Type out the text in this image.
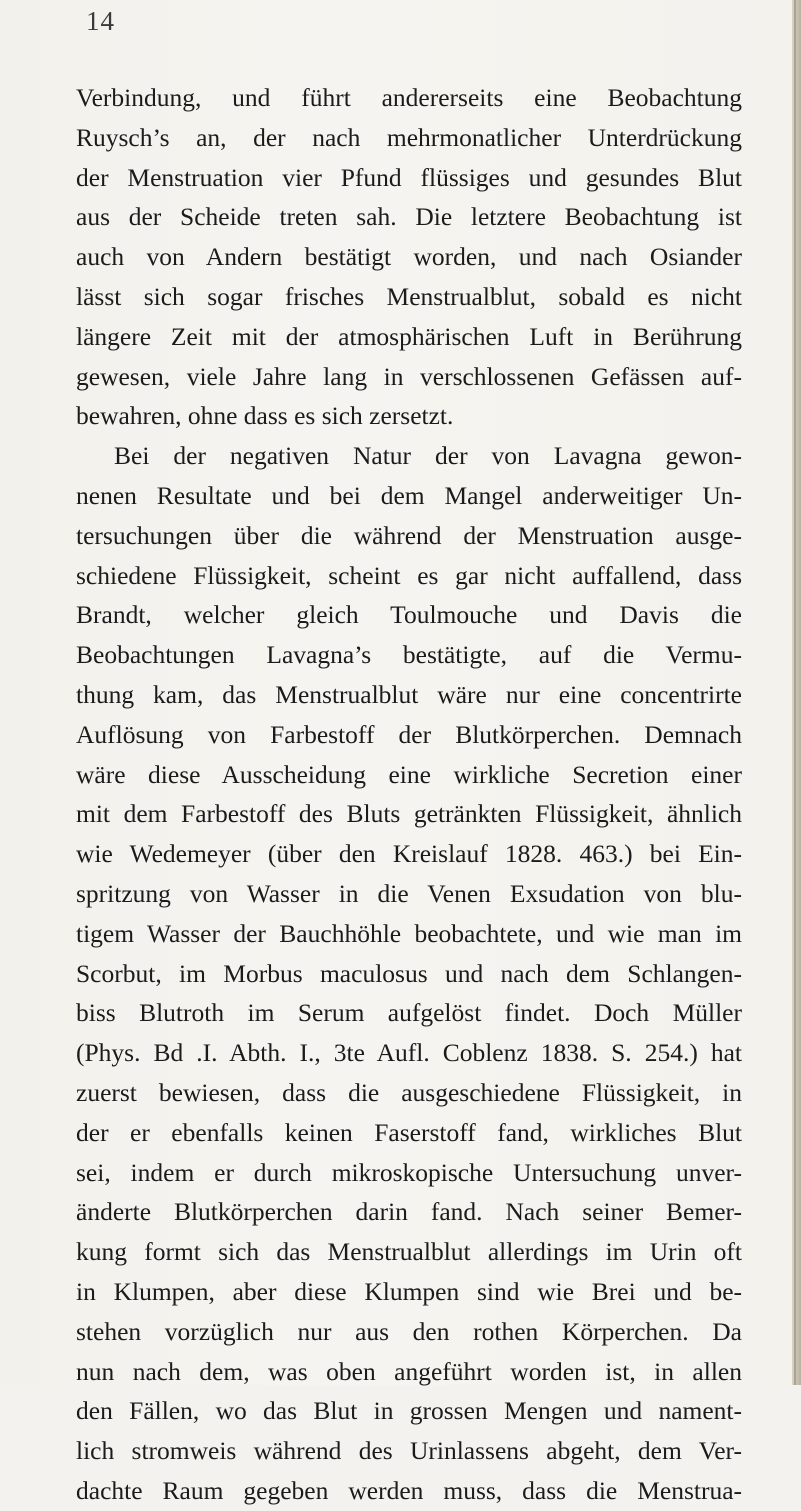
14
Verbindung, und führt andererseits eine Beobachtung
Ruysch’s an, der nach mehrmonatlicher Unterdrückung
der Menstruation vier Pfund flüssiges und gesundes Blut
aus der Scheide treten sah. Die letztere Beobachtung ist
auch von Andern bestätigt worden, und nach Osiander
lässt sich sogar frisches Menstrualblut, sobald es nicht
längere Zeit mit der atmosphärischen Luft in Berührung
gewesen, viele Jahre lang in verschlossenen Gefässen auf-
bewahren, ohne dass es sich zersetzt.
Bei der negativen Natur der von Lavagna gewon-
nenen Resultate und bei dem Mangel anderweitiger Un-
tersuchungen über die während der Menstruation ausge-
schiedene Flüssigkeit, scheint es gar nicht auffallend, dass
Brandt, welcher gleich Toulmouche und Davis die
Beobachtungen Lavagna’s bestätigte, auf die Vermu-
thung kam, das Menstrualblut wäre nur eine concentrirte
Auflösung von Farbestoff der Blutkörperchen. Demnach
wäre diese Ausscheidung eine wirkliche Secretion einer
mit dem Farbestoff des Bluts getränkten Flüssigkeit, ähnlich
wie Wedemeyer (über den Kreislauf 1828. 463.) bei Ein-
spritzung von Wasser in die Venen Exsudation von blu-
tigem Wasser der Bauchhöhle beobachtete, und wie man im
Scorbut, im Morbus maculosus und nach dem Schlangen-
biss Blutroth im Serum aufgelöst findet. Doch Müller
(Phys. Bd .I. Abth. I., 3te Aufl. Coblenz 1838. S. 254.) hat
zuerst bewiesen, dass die ausgeschiedene Flüssigkeit, in
der er ebenfalls keinen Faserstoff fand, wirkliches Blut
sei, indem er durch mikroskopische Untersuchung unver-
änderte Blutkörperchen darin fand. Nach seiner Bemer-
kung formt sich das Menstrualblut allerdings im Urin oft
in Klumpen, aber diese Klumpen sind wie Brei und be-
stehen vorzüglich nur aus den rothen Körperchen. Da
nun nach dem, was oben angeführt worden ist, in allen
den Fällen, wo das Blut in grossen Mengen und nament-
lich stromweis während des Urinlassens abgeht, dem Ver-
dachte Raum gegeben werden muss, dass die Menstrua-
